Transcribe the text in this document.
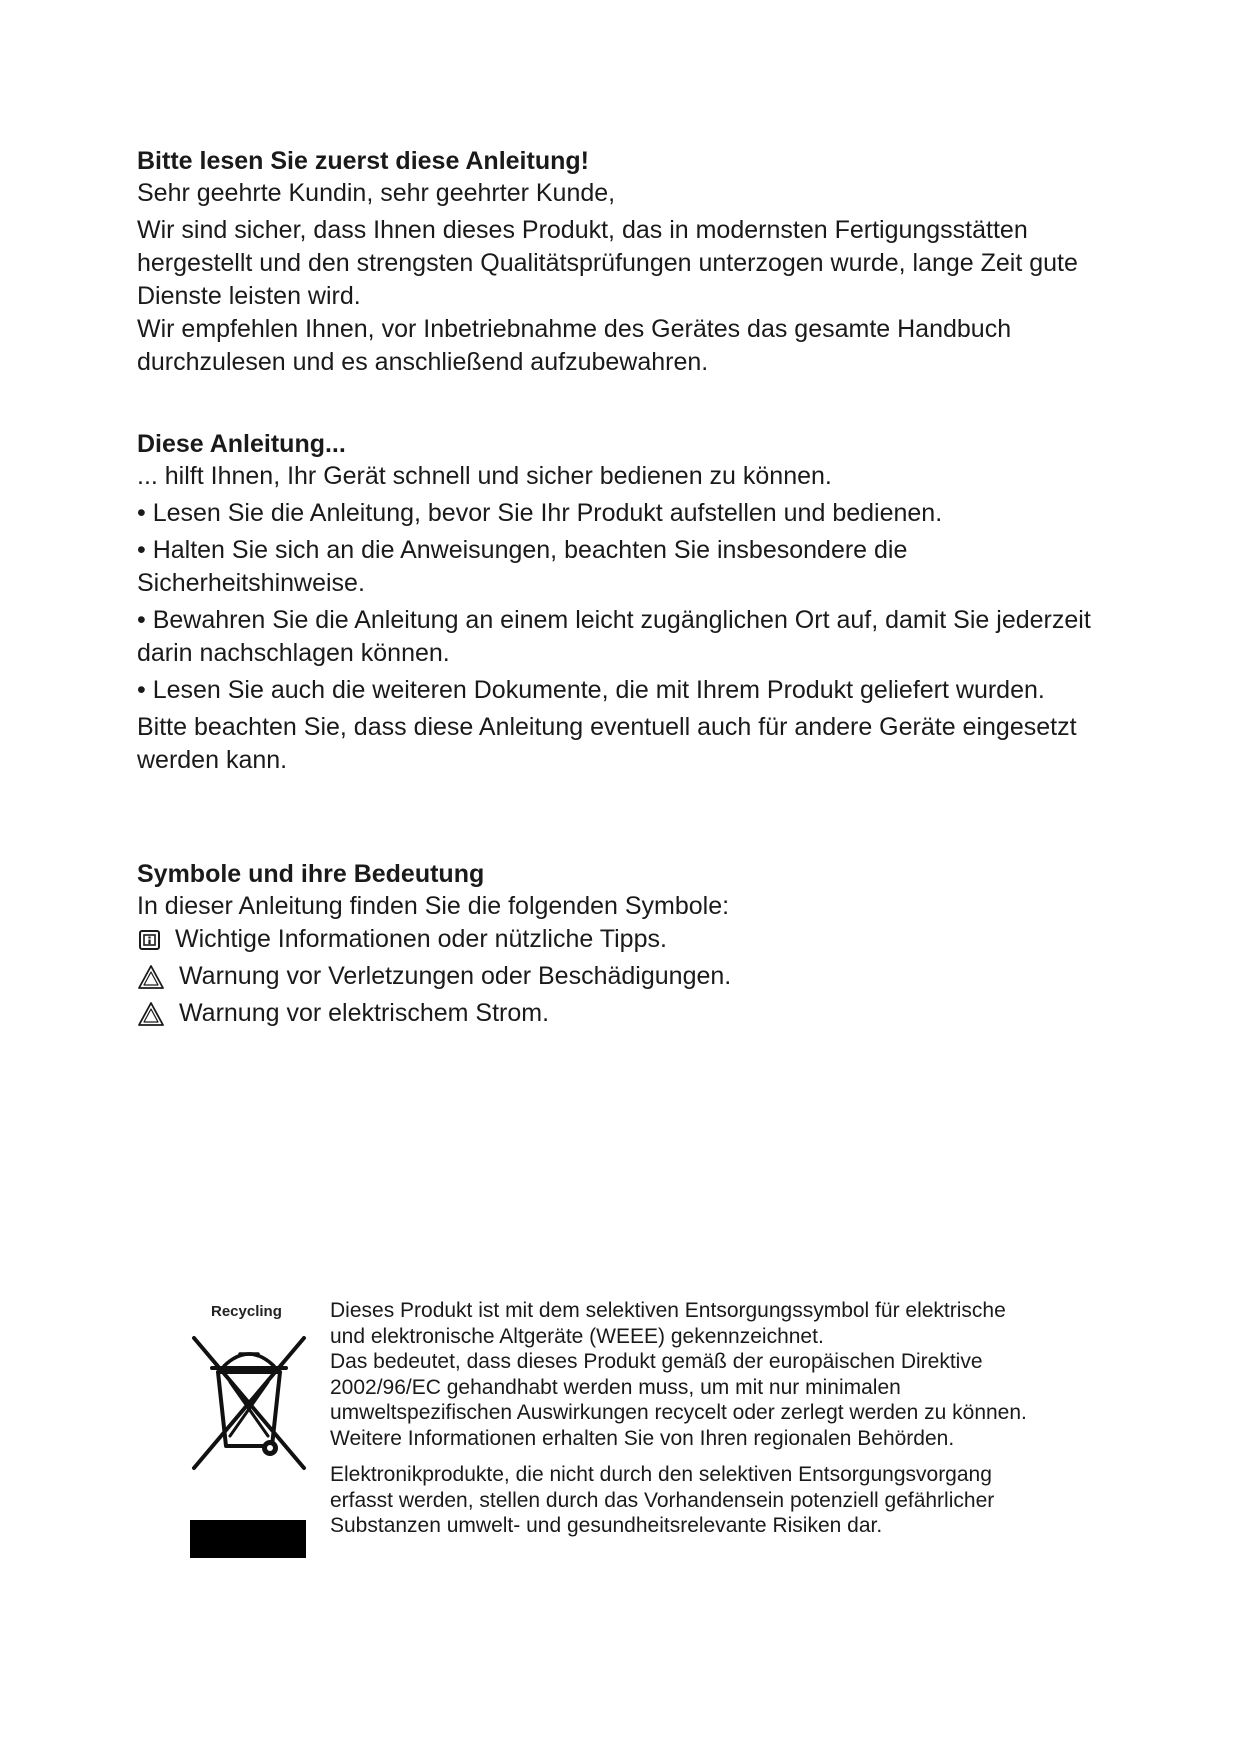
Bitte lesen Sie zuerst diese Anleitung!

Sehr geehrte Kundin, sehr geehrter Kunde,

Wir sind sicher, dass Ihnen dieses Produkt, das in modernsten Fertigungsstätten hergestellt und den strengsten Qualitätsprüfungen unterzogen wurde, lange Zeit gute Dienste leisten wird.

Wir empfehlen Ihnen, vor Inbetriebnahme des Gerätes das gesamte Handbuch durchzulesen und es anschließend aufzubewahren.

Diese Anleitung...

... hilft Ihnen, Ihr Gerät schnell und sicher bedienen zu können.

• Lesen Sie die Anleitung, bevor Sie Ihr Produkt aufstellen und bedienen.

• Halten Sie sich an die Anweisungen, beachten Sie insbesondere die Sicherheitshinweise.

• Bewahren Sie die Anleitung an einem leicht zugänglichen Ort auf, damit Sie jederzeit darin nachschlagen können.

• Lesen Sie auch die weiteren Dokumente, die mit Ihrem Produkt geliefert wurden.

Bitte beachten Sie, dass diese Anleitung eventuell auch für andere Geräte eingesetzt werden kann.

Symbole und ihre Bedeutung

In dieser Anleitung finden Sie die folgenden Symbole:

Wichtige Informationen oder nützliche Tipps.
Warnung vor Verletzungen oder Beschädigungen.
Warnung vor elektrischem Strom.
Recycling Dieses Produkt ist mit dem selektiven Entsorgungssymbol für elektrische
und elektronische Altgeräte (WEEE) gekennzeichnet.
Das bedeutet, dass dieses Produkt gemäß der europäischen Direktive
2002/96/EC gehandhabt werden muss, um mit nur minimalen
umweltspezifischen Auswirkungen recycelt oder zerlegt werden zu können.
Weitere Informationen erhalten Sie von Ihren regionalen Behörden.

Elektronikprodukte, die nicht durch den selektiven Entsorgungsvorgang
erfasst werden, stellen durch das Vorhandensein potenziell gefährlicher
Substanzen umwelt- und gesundheitsrelevante Risiken dar.
